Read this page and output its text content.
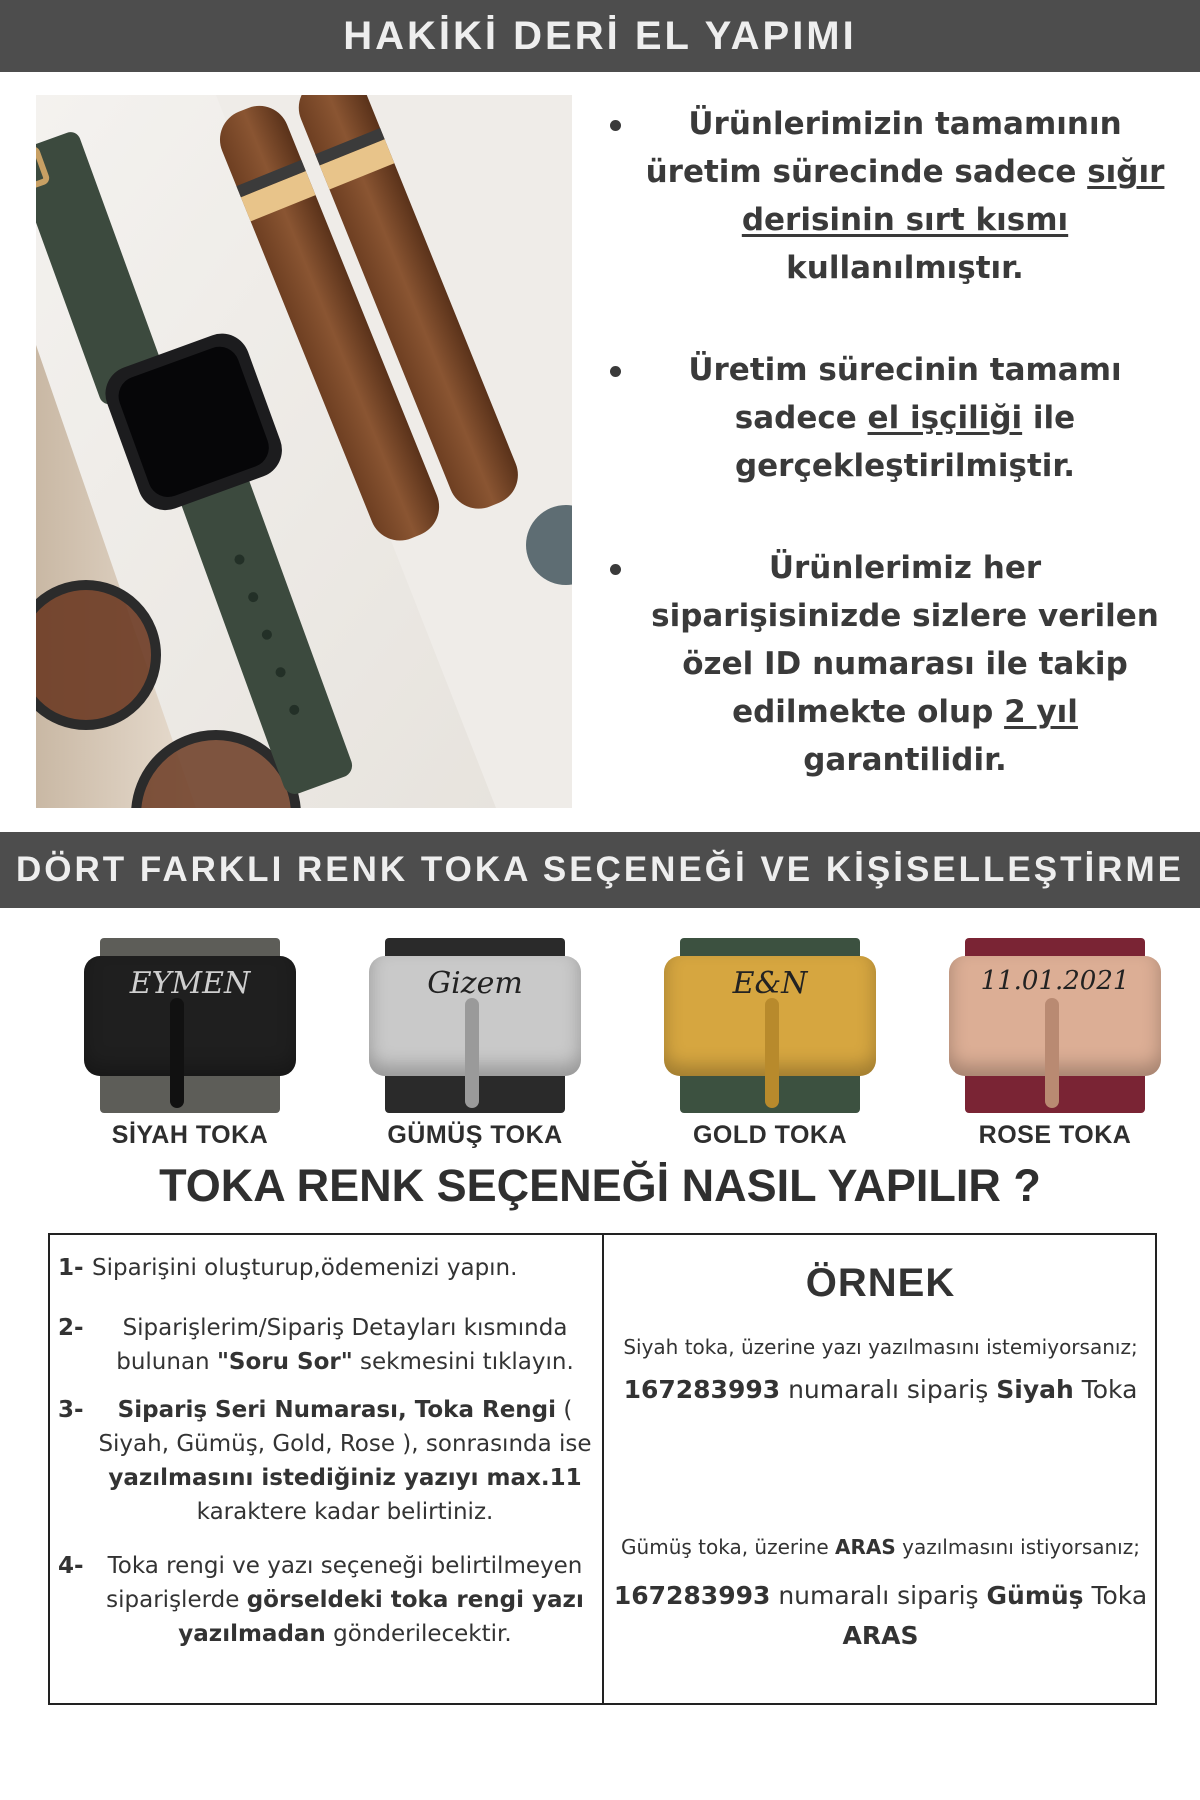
HAKİKİ DERİ EL YAPIMI
Ürünlerimizin tamamının üretim sürecinde sadece sığır derisinin sırt kısmı kullanılmıştır.
Üretim sürecinin tamamı sadece el işçiliği ile gerçekleştirilmiştir.
Ürünlerimiz her siparişisinizde sizlere verilen özel ID numarası ile takip edilmekte olup 2 yıl garantilidir.
DÖRT FARKLI RENK TOKA SEÇENEĞİ VE KİŞİSELLEŞTİRME
EYMEN
SİYAH TOKA
Gizem
GÜMÜŞ TOKA
E&N
GOLD TOKA
11.01.2021
ROSE TOKA
TOKA RENK SEÇENEĞİ NASIL YAPILIR ?
1- Siparişini oluşturup,ödemenizi yapın.
2-	Siparişlerim/Sipariş Detayları kısmında bulunan "Soru Sor" sekmesini tıklayın.
3-	Sipariş Seri Numarası, Toka Rengi ( Siyah, Gümüş, Gold, Rose ), sonrasında ise yazılmasını istediğiniz yazıyı max.11 karaktere kadar belirtiniz.
4-	Toka rengi ve yazı seçeneği belirtilmeyen siparişlerde görseldeki toka rengi yazı yazılmadan gönderilecektir.
ÖRNEK
Siyah toka, üzerine yazı yazılmasını istemiyorsanız;
167283993 numaralı sipariş Siyah Toka
Gümüş toka, üzerine ARAS yazılmasını istiyorsanız;
167283993 numaralı sipariş Gümüş Toka
ARAS
